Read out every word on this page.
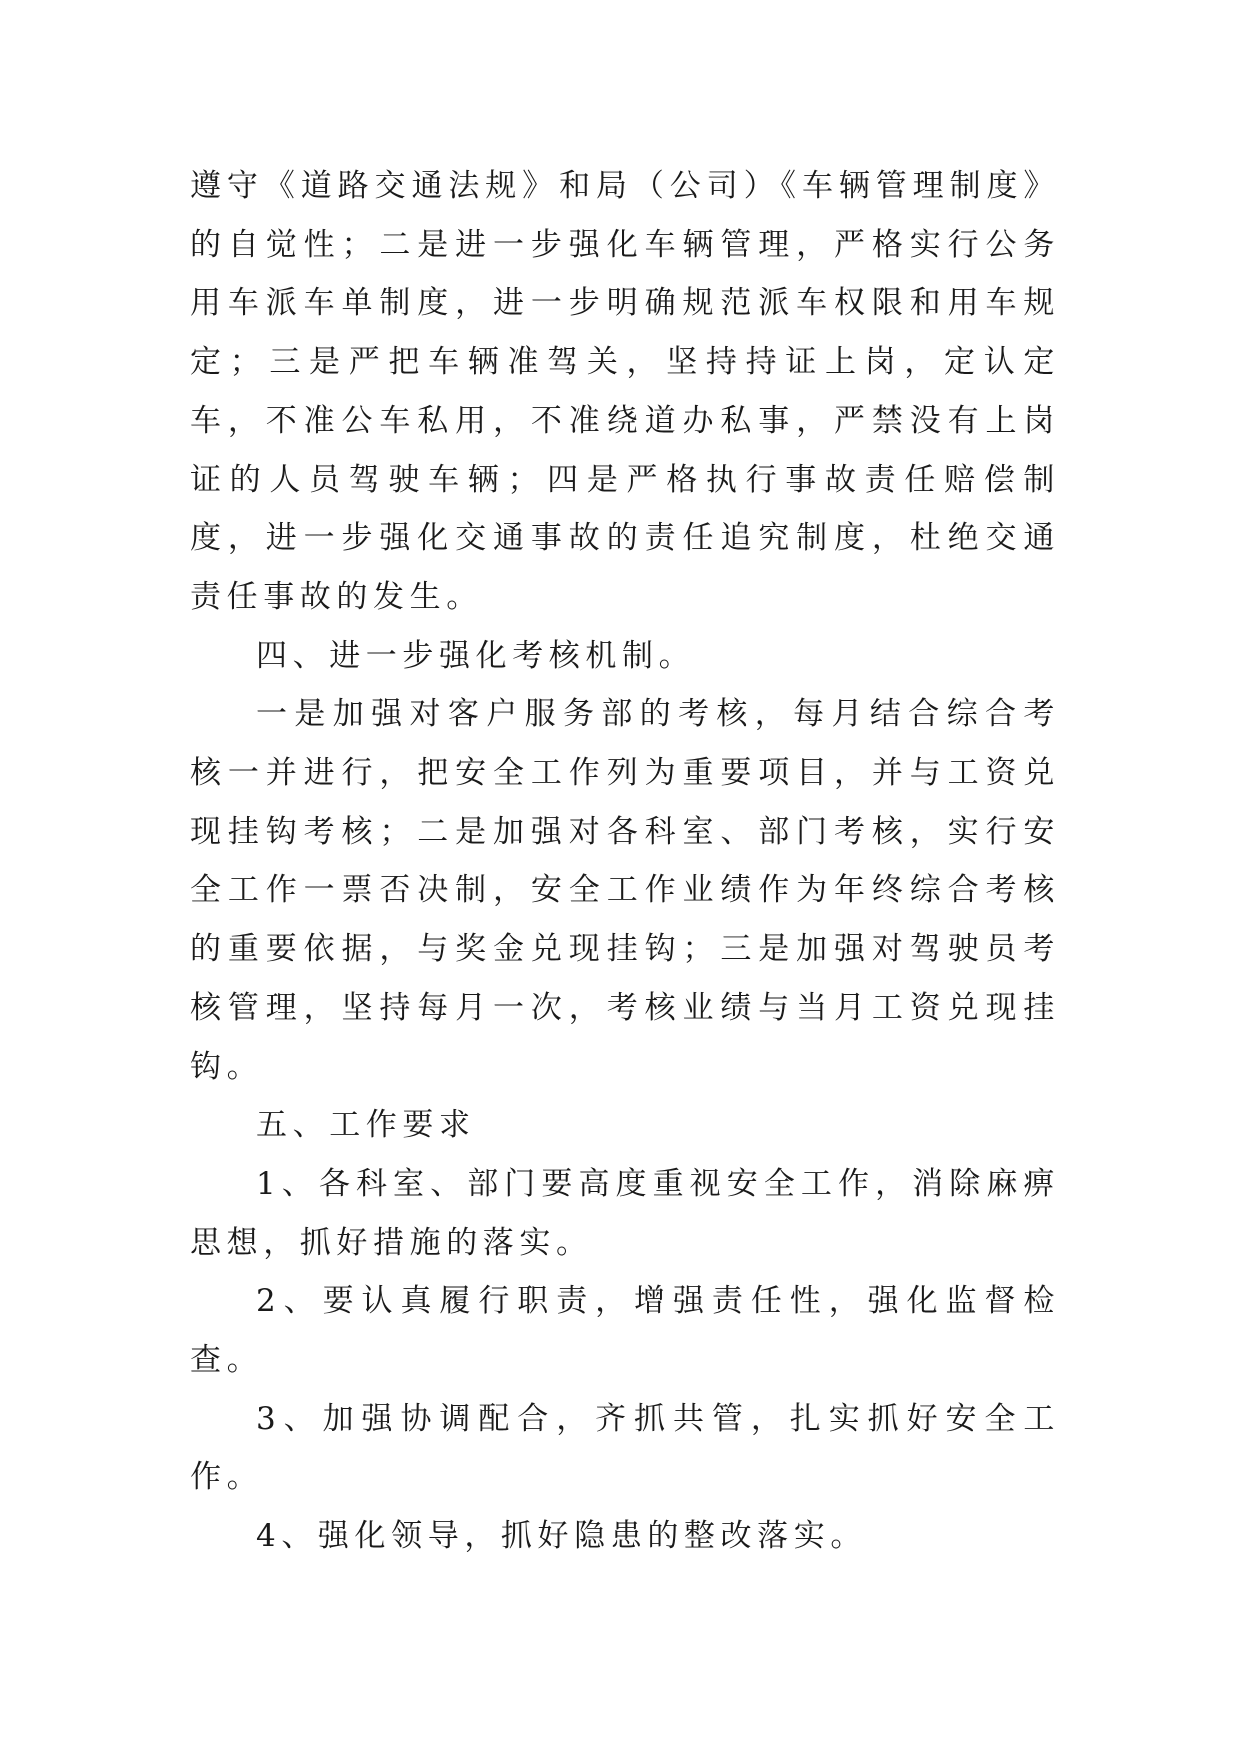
遵守《道路交通法规》和局（公司）《车辆管理制度》的自觉性；二是进一步强化车辆管理，严格实行公务用车派车单制度，进一步明确规范派车权限和用车规定；三是严把车辆准驾关，坚持持证上岗，定认定车，不准公车私用，不准绕道办私事，严禁没有上岗证的人员驾驶车辆；四是严格执行事故责任赔偿制度，进一步强化交通事故的责任追究制度，杜绝交通责任事故的发生。

四、进一步强化考核机制。

一是加强对客户服务部的考核，每月结合综合考核一并进行，把安全工作列为重要项目，并与工资兑现挂钩考核；二是加强对各科室、部门考核，实行安全工作一票否决制，安全工作业绩作为年终综合考核的重要依据，与奖金兑现挂钩；三是加强对驾驶员考核管理，坚持每月一次，考核业绩与当月工资兑现挂钩。

五、工作要求

1、各科室、部门要高度重视安全工作，消除麻痹思想，抓好措施的落实。

2、要认真履行职责，增强责任性，强化监督检查。

3、加强协调配合，齐抓共管，扎实抓好安全工作。

4、强化领导，抓好隐患的整改落实。
